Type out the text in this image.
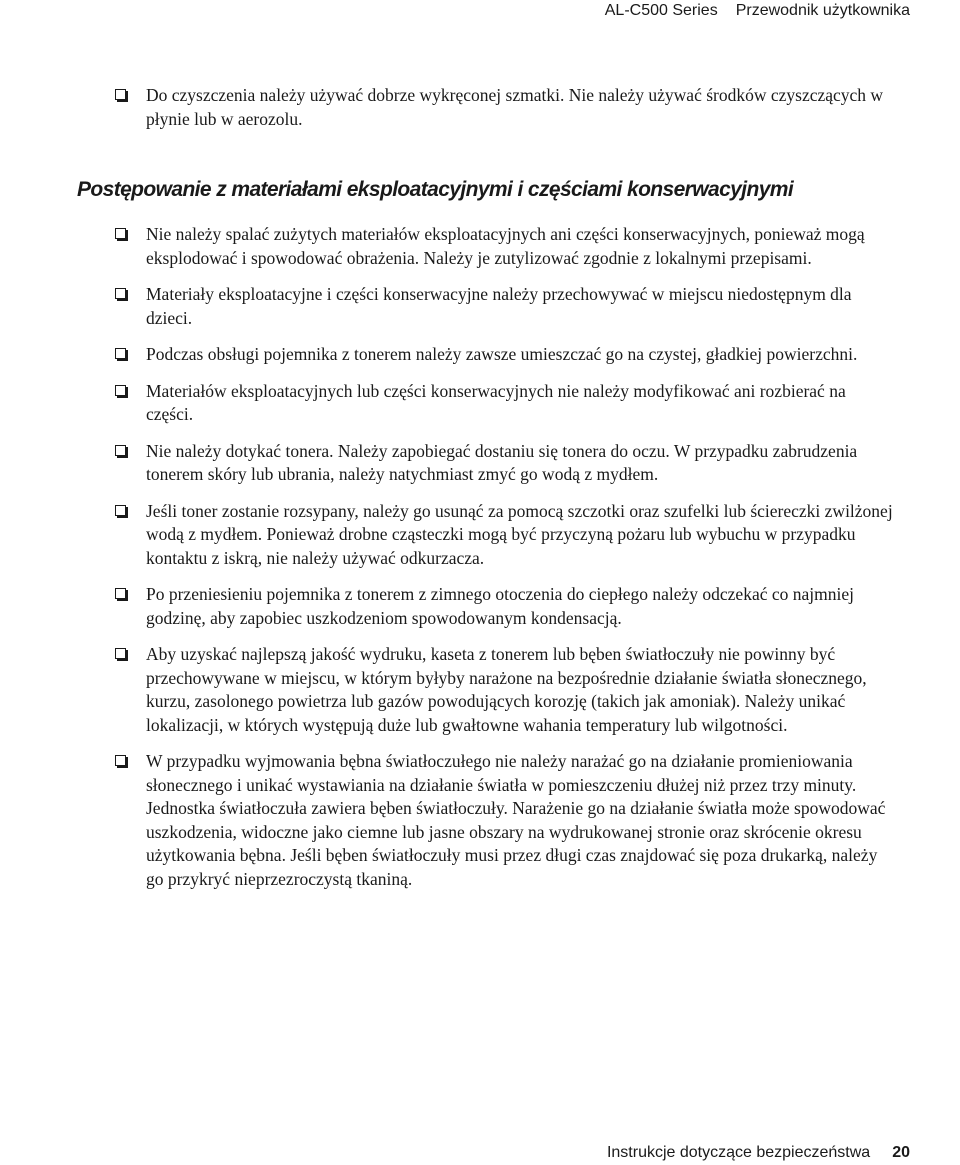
AL-C500 Series Przewodnik użytkownika
Do czyszczenia należy używać dobrze wykręconej szmatki. Nie należy używać środków czyszczących w płynie lub w aerozolu.
Postępowanie z materiałami eksploatacyjnymi i częściami konserwacyjnymi
Nie należy spalać zużytych materiałów eksploatacyjnych ani części konserwacyjnych, ponieważ mogą eksplodować i spowodować obrażenia. Należy je zutylizować zgodnie z lokalnymi przepisami.
Materiały eksploatacyjne i części konserwacyjne należy przechowywać w miejscu niedostępnym dla dzieci.
Podczas obsługi pojemnika z tonerem należy zawsze umieszczać go na czystej, gładkiej powierzchni.
Materiałów eksploatacyjnych lub części konserwacyjnych nie należy modyfikować ani rozbierać na części.
Nie należy dotykać tonera. Należy zapobiegać dostaniu się tonera do oczu. W przypadku zabrudzenia tonerem skóry lub ubrania, należy natychmiast zmyć go wodą z mydłem.
Jeśli toner zostanie rozsypany, należy go usunąć za pomocą szczotki oraz szufelki lub ściereczki zwilżonej wodą z mydłem. Ponieważ drobne cząsteczki mogą być przyczyną pożaru lub wybuchu w przypadku kontaktu z iskrą, nie należy używać odkurzacza.
Po przeniesieniu pojemnika z tonerem z zimnego otoczenia do ciepłego należy odczekać co najmniej godzinę, aby zapobiec uszkodzeniom spowodowanym kondensacją.
Aby uzyskać najlepszą jakość wydruku, kaseta z tonerem lub bęben światłoczuły nie powinny być przechowywane w miejscu, w którym byłyby narażone na bezpośrednie działanie światła słonecznego, kurzu, zasolonego powietrza lub gazów powodujących korozję (takich jak amoniak). Należy unikać lokalizacji, w których występują duże lub gwałtowne wahania temperatury lub wilgotności.
W przypadku wyjmowania bębna światłoczułego nie należy narażać go na działanie promieniowania słonecznego i unikać wystawiania na działanie światła w pomieszczeniu dłużej niż przez trzy minuty. Jednostka światłoczuła zawiera bęben światłoczuły. Narażenie go na działanie światła może spowodować uszkodzenia, widoczne jako ciemne lub jasne obszary na wydrukowanej stronie oraz skrócenie okresu użytkowania bębna. Jeśli bęben światłoczuły musi przez długi czas znajdować się poza drukarką, należy go przykryć nieprzezroczystą tkaniną.
Instrukcje dotyczące bezpieczeństwa 20
